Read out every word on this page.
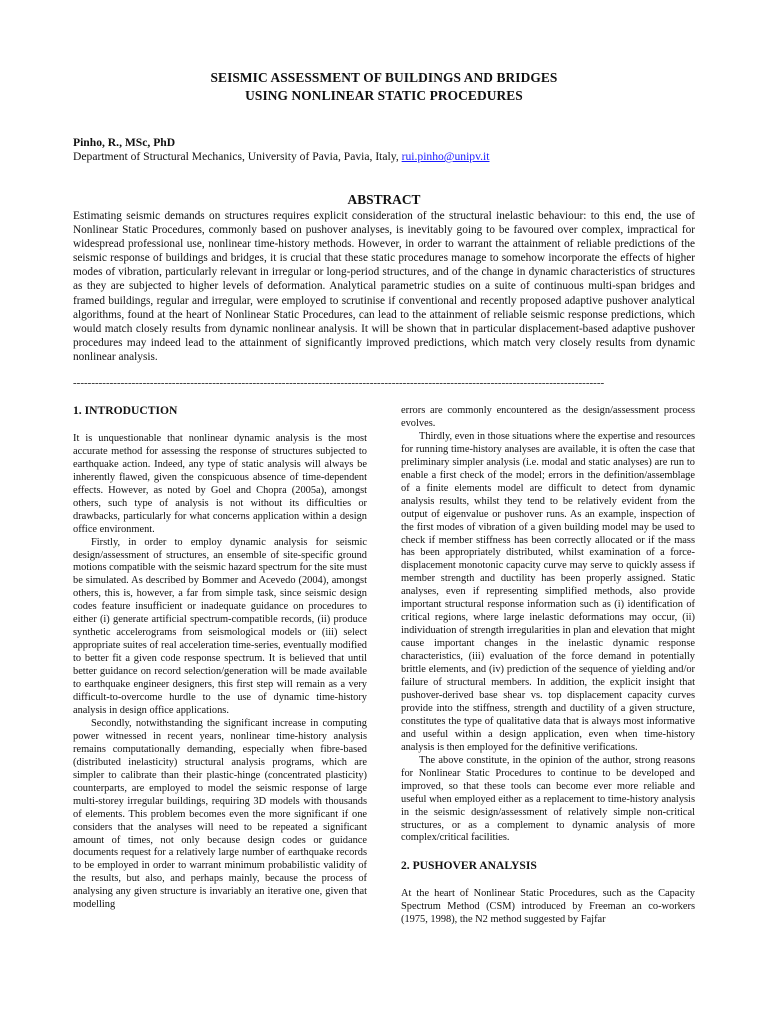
SEISMIC ASSESSMENT OF BUILDINGS AND BRIDGES
USING NONLINEAR STATIC PROCEDURES
Pinho, R., MSc, PhD
Department of Structural Mechanics, University of Pavia, Pavia, Italy, rui.pinho@unipv.it
ABSTRACT

Estimating seismic demands on structures requires explicit consideration of the structural inelastic behaviour: to this end, the use of Nonlinear Static Procedures, commonly based on pushover analyses, is inevitably going to be favoured over complex, impractical for widespread professional use, nonlinear time-history methods. However, in order to warrant the attainment of reliable predictions of the seismic response of buildings and bridges, it is crucial that these static procedures manage to somehow incorporate the effects of higher modes of vibration, particularly relevant in irregular or long-period structures, and of the change in dynamic characteristics of structures as they are subjected to higher levels of deformation. Analytical parametric studies on a suite of continuous multi-span bridges and framed buildings, regular and irregular, were employed to scrutinise if conventional and recently proposed adaptive pushover analytical algorithms, found at the heart of Nonlinear Static Procedures, can lead to the attainment of reliable seismic response predictions, which would match closely results from dynamic nonlinear analysis. It will be shown that in particular displacement-based adaptive pushover procedures may indeed lead to the attainment of significantly improved predictions, which match very closely results from dynamic nonlinear analysis.

-------------------------------------------------------------------------------------------------------------------------------------------------
1. INTRODUCTION

It is unquestionable that nonlinear dynamic analysis is the most accurate method for assessing the response of structures subjected to earthquake action. Indeed, any type of static analysis will always be inherently flawed, given the conspicuous absence of time-dependent effects. However, as noted by Goel and Chopra (2005a), amongst others, such type of analysis is not without its difficulties or drawbacks, particularly for what concerns application within a design office environment.

Firstly, in order to employ dynamic analysis for seismic design/assessment of structures, an ensemble of site-specific ground motions compatible with the seismic hazard spectrum for the site must be simulated. As described by Bommer and Acevedo (2004), amongst others, this is, however, a far from simple task, since seismic design codes feature insufficient or inadequate guidance on procedures to either (i) generate artificial spectrum-compatible records, (ii) produce synthetic accelerograms from seismological models or (iii) select appropriate suites of real acceleration time-series, eventually modified to better fit a given code response spectrum. It is believed that until better guidance on record selection/generation will be made available to earthquake engineer designers, this first step will remain as a very difficult-to-overcome hurdle to the use of dynamic time-history analysis in design office applications.

Secondly, notwithstanding the significant increase in computing power witnessed in recent years, nonlinear time-history analysis remains computationally demanding, especially when fibre-based (distributed inelasticity) structural analysis programs, which are simpler to calibrate than their plastic-hinge (concentrated plasticity) counterparts, are employed to model the seismic response of large multi-storey irregular buildings, requiring 3D models with thousands of elements. This problem becomes even the more significant if one considers that the analyses will need to be repeated a significant amount of times, not only because design codes or guidance documents request for a relatively large number of earthquake records to be employed in order to warrant minimum probabilistic validity of the results, but also, and perhaps mainly, because the process of analysing any given structure is invariably an iterative one, given that modelling

errors are commonly encountered as the design/assessment process evolves.

Thirdly, even in those situations where the expertise and resources for running time-history analyses are available, it is often the case that preliminary simpler analysis (i.e. modal and static analyses) are run to enable a first check of the model; errors in the definition/assemblage of a finite elements model are difficult to detect from dynamic analysis results, whilst they tend to be relatively evident from the output of eigenvalue or pushover runs. As an example, inspection of the first modes of vibration of a given building model may be used to check if member stiffness has been correctly allocated or if the mass has been appropriately distributed, whilst examination of a force-displacement monotonic capacity curve may serve to quickly assess if member strength and ductility has been properly assigned. Static analyses, even if representing simplified methods, also provide important structural response information such as (i) identification of critical regions, where large inelastic deformations may occur, (ii) individuation of strength irregularities in plan and elevation that might cause important changes in the inelastic dynamic response characteristics, (iii) evaluation of the force demand in potentially brittle elements, and (iv) prediction of the sequence of yielding and/or failure of structural members. In addition, the explicit insight that pushover-derived base shear vs. top displacement capacity curves provide into the stiffness, strength and ductility of a given structure, constitutes the type of qualitative data that is always most informative and useful within a design application, even when time-history analysis is then employed for the definitive verifications.

The above constitute, in the opinion of the author, strong reasons for Nonlinear Static Procedures to continue to be developed and improved, so that these tools can become ever more reliable and useful when employed either as a replacement to time-history analysis in the seismic design/assessment of relatively simple non-critical structures, or as a complement to dynamic analysis of more complex/critical facilities.

2. PUSHOVER ANALYSIS

At the heart of Nonlinear Static Procedures, such as the Capacity Spectrum Method (CSM) introduced by Freeman an co-workers (1975, 1998), the N2 method suggested by Fajfar
